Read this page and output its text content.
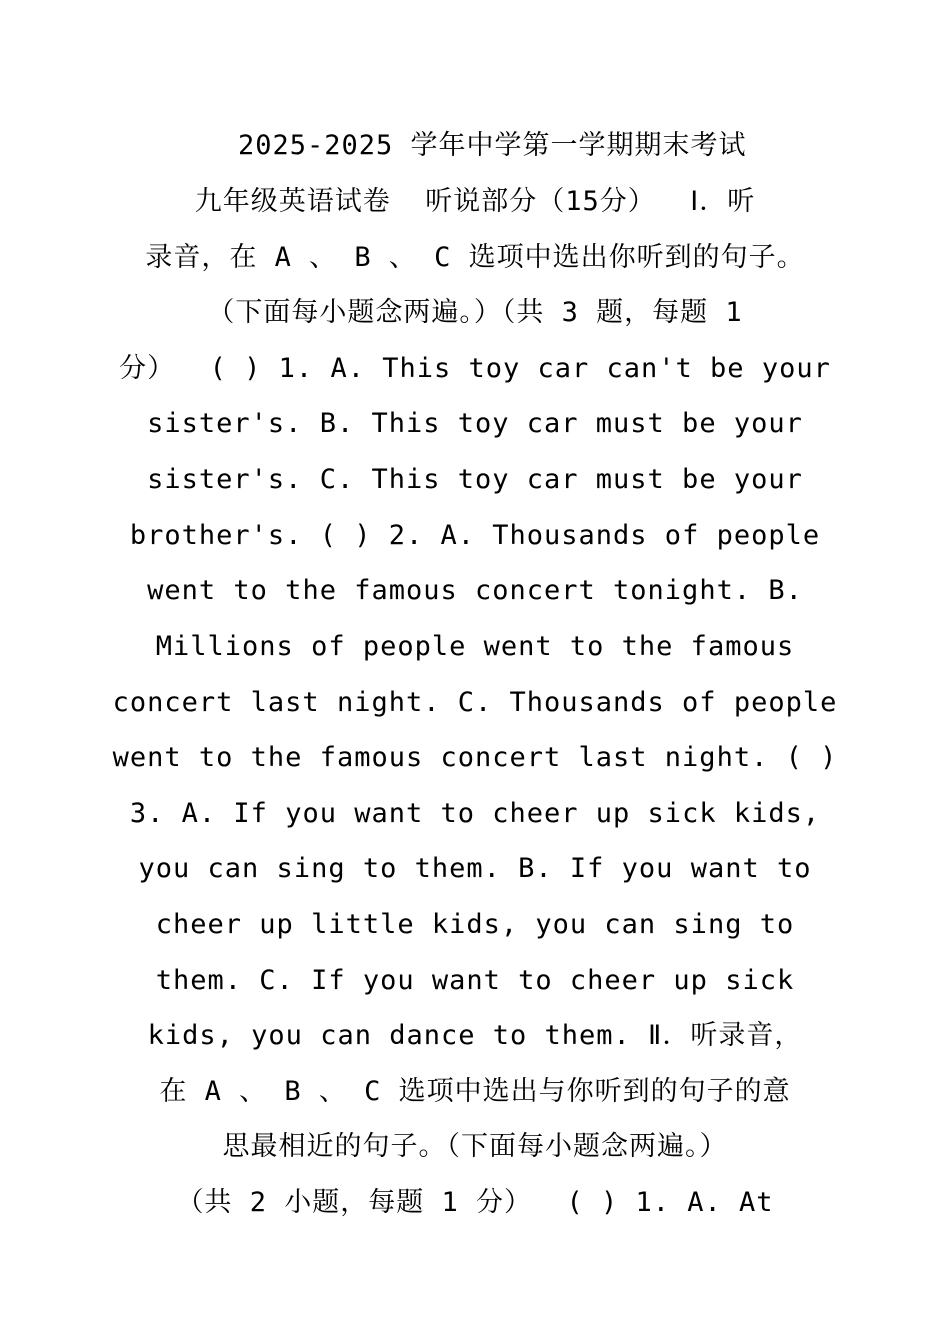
2025-2025 学年中学第一学期期末考试
九年级英语试卷  听说部分（15分）  Ⅰ．听
录音，在 A 、 B 、 C 选项中选出你听到的句子。
（下面每小题念两遍。）（共 3 题，每题 1
分）  ( ) 1. A. This toy car can't be your
sister's. B. This toy car must be your
sister's. C. This toy car must be your
brother's. ( ) 2. A. Thousands of people
went to the famous concert tonight. B.
Millions of people went to the famous
concert last night. C. Thousands of people
went to the famous concert last night. ( )
3. A. If you want to cheer up sick kids,
you can sing to them. B. If you want to
cheer up little kids, you can sing to
them. C. If you want to cheer up sick
kids, you can dance to them. Ⅱ．听录音，
在 A 、 B 、 C 选项中选出与你听到的句子的意
思最相近的句子。（下面每小题念两遍。）
（共 2 小题，每题 1 分）  ( ) 1. A. At
